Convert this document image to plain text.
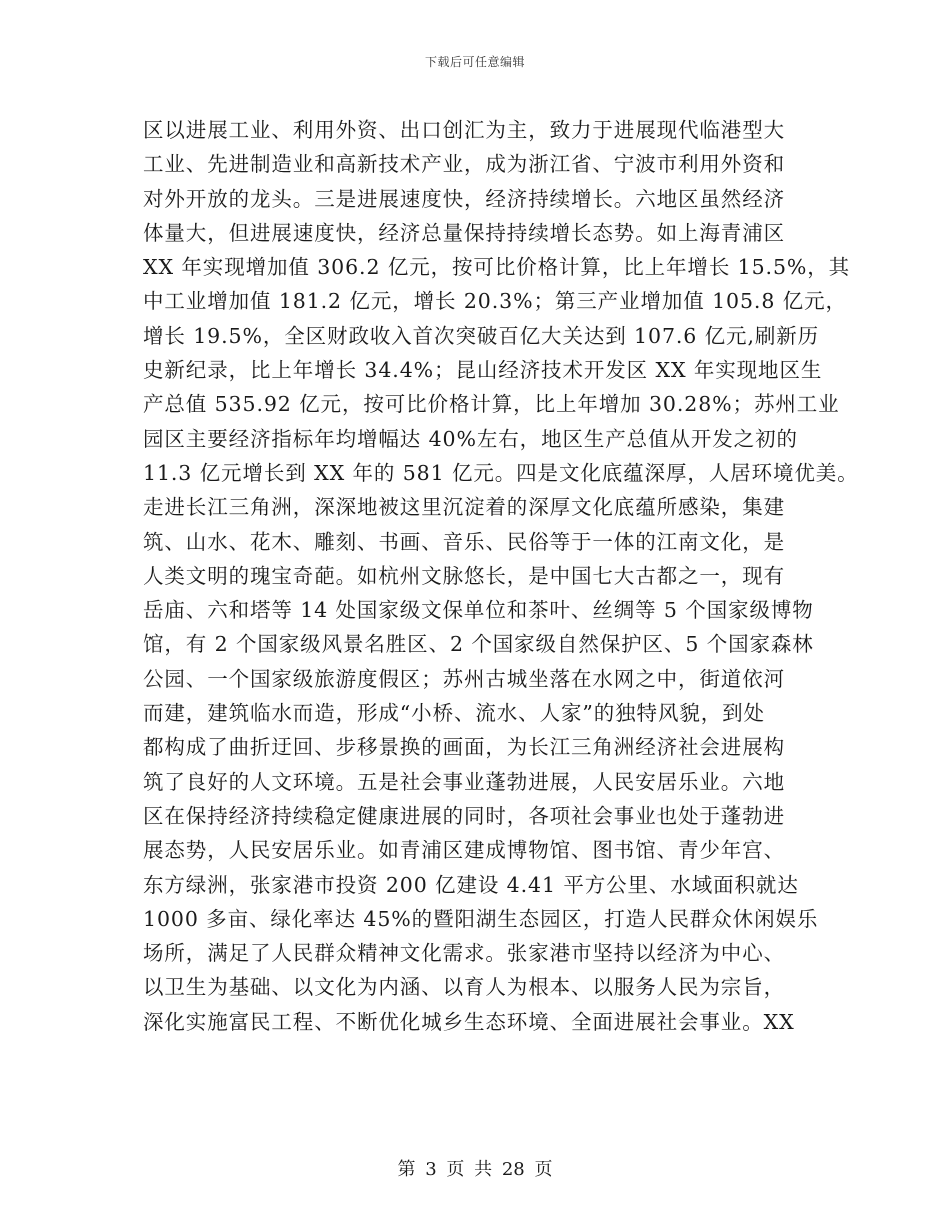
下载后可任意编辑
区以进展工业、利用外资、出口创汇为主，致力于进展现代临港型大
工业、先进制造业和高新技术产业，成为浙江省、宁波市利用外资和
对外开放的龙头。三是进展速度快，经济持续增长。六地区虽然经济
体量大，但进展速度快，经济总量保持持续增长态势。如上海青浦区
XX 年实现增加值 306.2 亿元，按可比价格计算，比上年增长 15.5%，其
中工业增加值 181.2 亿元，增长 20.3%；第三产业增加值 105.8 亿元，
增长 19.5%，全区财政收入首次突破百亿大关达到 107.6 亿元,刷新历
史新纪录，比上年增长 34.4%；昆山经济技术开发区 XX 年实现地区生
产总值 535.92 亿元，按可比价格计算，比上年增加 30.28%；苏州工业
园区主要经济指标年均增幅达 40%左右，地区生产总值从开发之初的
11.3 亿元增长到 XX 年的 581 亿元。四是文化底蕴深厚，人居环境优美。
走进长江三角洲，深深地被这里沉淀着的深厚文化底蕴所感染，集建
筑、山水、花木、雕刻、书画、音乐、民俗等于一体的江南文化，是
人类文明的瑰宝奇葩。如杭州文脉悠长，是中国七大古都之一，现有
岳庙、六和塔等 14 处国家级文保单位和茶叶、丝绸等 5 个国家级博物
馆，有 2 个国家级风景名胜区、2 个国家级自然保护区、5 个国家森林
公园、一个国家级旅游度假区；苏州古城坐落在水网之中，街道依河
而建，建筑临水而造，形成“小桥、流水、人家”的独特风貌，到处
都构成了曲折迂回、步移景换的画面，为长江三角洲经济社会进展构
筑了良好的人文环境。五是社会事业蓬勃进展，人民安居乐业。六地
区在保持经济持续稳定健康进展的同时，各项社会事业也处于蓬勃进
展态势，人民安居乐业。如青浦区建成博物馆、图书馆、青少年宫、
东方绿洲，张家港市投资 200 亿建设 4.41 平方公里、水域面积就达
1000 多亩、绿化率达 45%的暨阳湖生态园区，打造人民群众休闲娱乐
场所，满足了人民群众精神文化需求。张家港市坚持以经济为中心、
以卫生为基础、以文化为内涵、以育人为根本、以服务人民为宗旨，
深化实施富民工程、不断优化城乡生态环境、全面进展社会事业。XX
第 3 页 共 28 页
